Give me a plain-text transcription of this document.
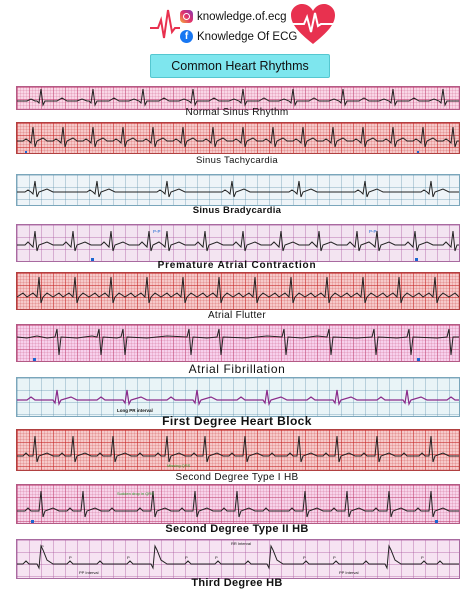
knowledge.of.ecg
f Knowledge Of ECG
Common Heart Rhythms
Normal Sinus Rhythm
Sinus Tachycardia
Sinus Bradycardia
P-P	P-P
Premature Atrial Contraction
Atrial Flutter
Atrial Fibrillation
Long PR interval
First Degree Heart Block
Missing QRS
Second Degree Type I HB
Sudden drop in QRS
Second Degree Type II HB
P
P	P	P	P	P	P	P
RR Interval
PP Interval	PP Interval
Third Degree HB
